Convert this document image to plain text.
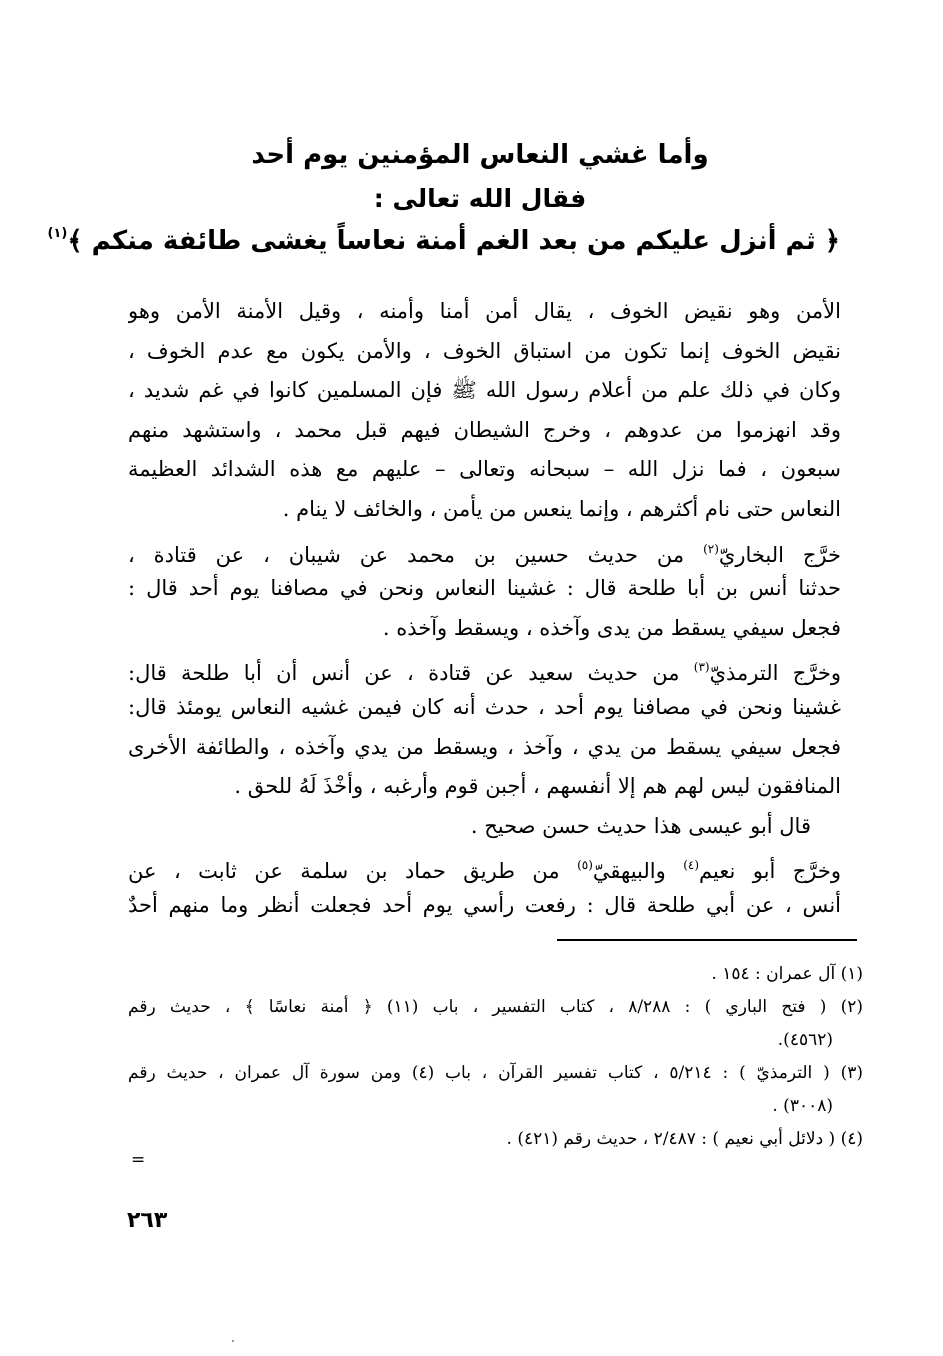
وأما غشي النعاس المؤمنين يوم أحد
فقال الله تعالى :
﴿ ثم أنزل عليكم من بعد الغم أمنة نعاساً يغشى طائفة منكم ﴾$^{(١)}$
الأمن وهو نقيض الخوف ، يقال أمن أمنا وأمنه ، وقيل الأمنة الأمن وهو
نقيض الخوف إنما تكون من استباق الخوف ، والأمن يكون مع عدم الخوف ،
وكان في ذلك علم من أعلام رسول الله ﷺ فإن المسلمين كانوا في غم شديد ،
وقد انهزموا من عدوهم ، وخرج الشيطان فيهم قبل محمد ، واستشهد منهم
سبعون ، فما نزل الله – سبحانه وتعالى – عليهم مع هذه الشدائد العظيمة
النعاس حتى نام أكثرهم ، وإنما ينعس من يأمن ، والخائف لا ينام .
خرَّج البخاريّ$^{(٢)}$ من حديث حسين بن محمد عن شيبان ، عن قتادة ،
حدثنا أنس بن أبا طلحة قال : غشينا النعاس ونحن في مصافنا يوم أحد قال :
فجعل سيفي يسقط من يدى وآخذه ، ويسقط وآخذه .
وخرَّج الترمذيّ$^{(٣)}$ من حديث سعيد عن قتادة ، عن أنس أن أبا طلحة قال:
غشينا ونحن في مصافنا يوم أحد ، حدث أنه كان فيمن غشيه النعاس يومئذ قال:
فجعل سيفي يسقط من يدي ، وآخذ ، ويسقط من يدي وآخذه ، والطائفة الأخرى
المنافقون ليس لهم هم إلا أنفسهم ، أجبن قوم وأرغبه ، وأخْذَ لَهُ للحق .
قال أبو عيسى هذا حديث حسن صحيح .
وخرَّج أبو نعيم$^{(٤)}$ والبيهقيّ$^{(٥)}$ من طريق حماد بن سلمة عن ثابت ، عن
أنس ، عن أبي طلحة قال : رفعت رأسي يوم أحد فجعلت أنظر وما منهم أحدٌ
(١) آل عمران : ١٥٤ .
(٢) ( فتح الباري ) : ٨/٢٨٨ ، كتاب التفسير ، باب (١١) ﴿ أمنة نعاسًا ﴾ ، حديث رقم
(٤٥٦٢).
(٣) ( الترمذيّ ) : ٥/٢١٤ ، كتاب تفسير القرآن ، باب (٤) ومن سورة آل عمران ، حديث رقم
(٣٠٠٨) .
(٤) ( دلائل أبي نعيم ) : ٢/٤٨٧ ، حديث رقم (٤٢١) .
=
٢٦٣
